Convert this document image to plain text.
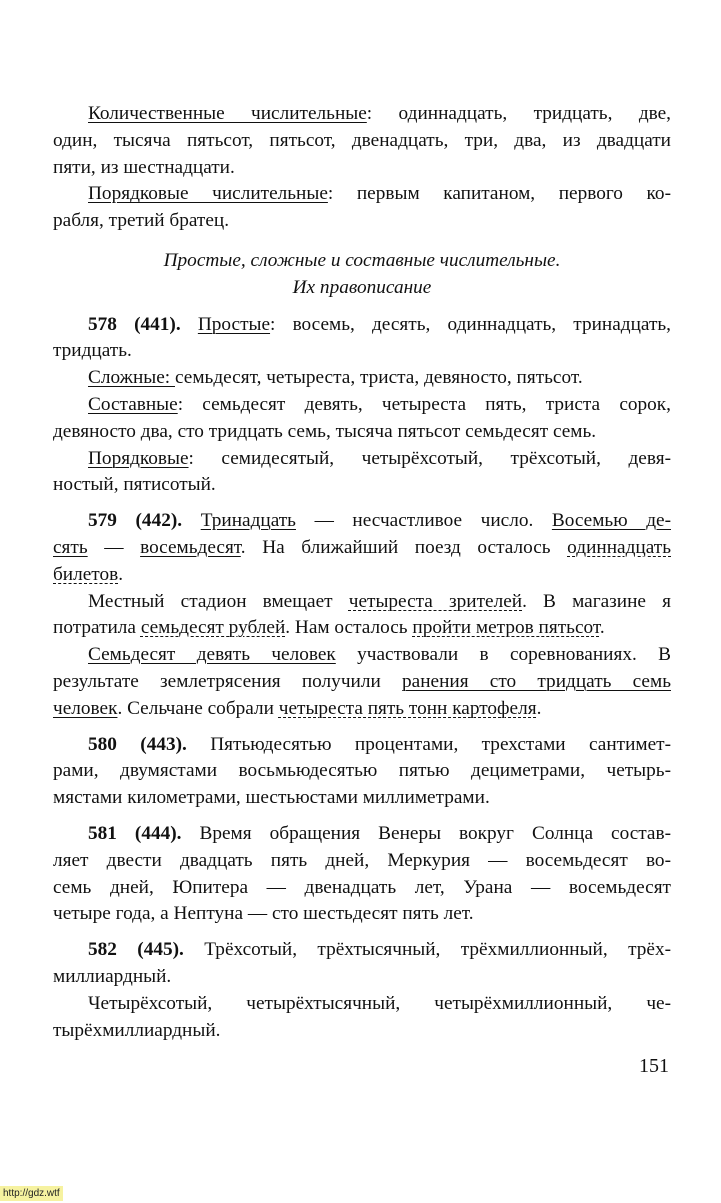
Количественные числительные: одиннадцать, тридцать, две,
один, тысяча пятьсот, пятьсот, двенадцать, три, два, из двадцати
пяти, из шестнадцати.
Порядковые числительные: первым капитаном, первого ко-
рабля, третий братец.
Простые, сложные и составные числительные.
Их правописание
578 (441). Простые: восемь, десять, одиннадцать, тринадцать,
тридцать.
Сложные: семьдесят, четыреста, триста, девяносто, пятьсот.
Составные: семьдесят девять, четыреста пять, триста сорок,
девяносто два, сто тридцать семь, тысяча пятьсот семьдесят семь.
Порядковые: семидесятый, четырёхсотый, трёхсотый, девя-
ностый, пятисотый.
579 (442). Тринадцать — несчастливое число. Восемью де-
сять — восемьдесят. На ближайший поезд осталось одиннадцать
билетов.
Местный стадион вмещает четыреста зрителей. В магазине я
потратила семьдесят рублей. Нам осталось пройти метров пятьсот.
Семьдесят девять человек участвовали в соревнованиях. В
результате землетрясения получили ранения сто тридцать семь
человек. Сельчане собрали четыреста пять тонн картофеля.
580 (443). Пятьюдесятью процентами, трехстами сантимет-
рами, двумястами восьмьюдесятью пятью дециметрами, четырь-
мястами километрами, шестьюстами миллиметрами.
581 (444). Время обращения Венеры вокруг Солнца состав-
ляет двести двадцать пять дней, Меркурия — восемьдесят во-
семь дней, Юпитера — двенадцать лет, Урана — восемьдесят
четыре года, а Нептуна — сто шестьдесят пять лет.
582 (445). Трёхсотый, трёхтысячный, трёхмиллионный, трёх-
миллиардный.
Четырёхсотый, четырёхтысячный, четырёхмиллионный, че-
тырёхмиллиардный.
151
http://gdz.wtf
